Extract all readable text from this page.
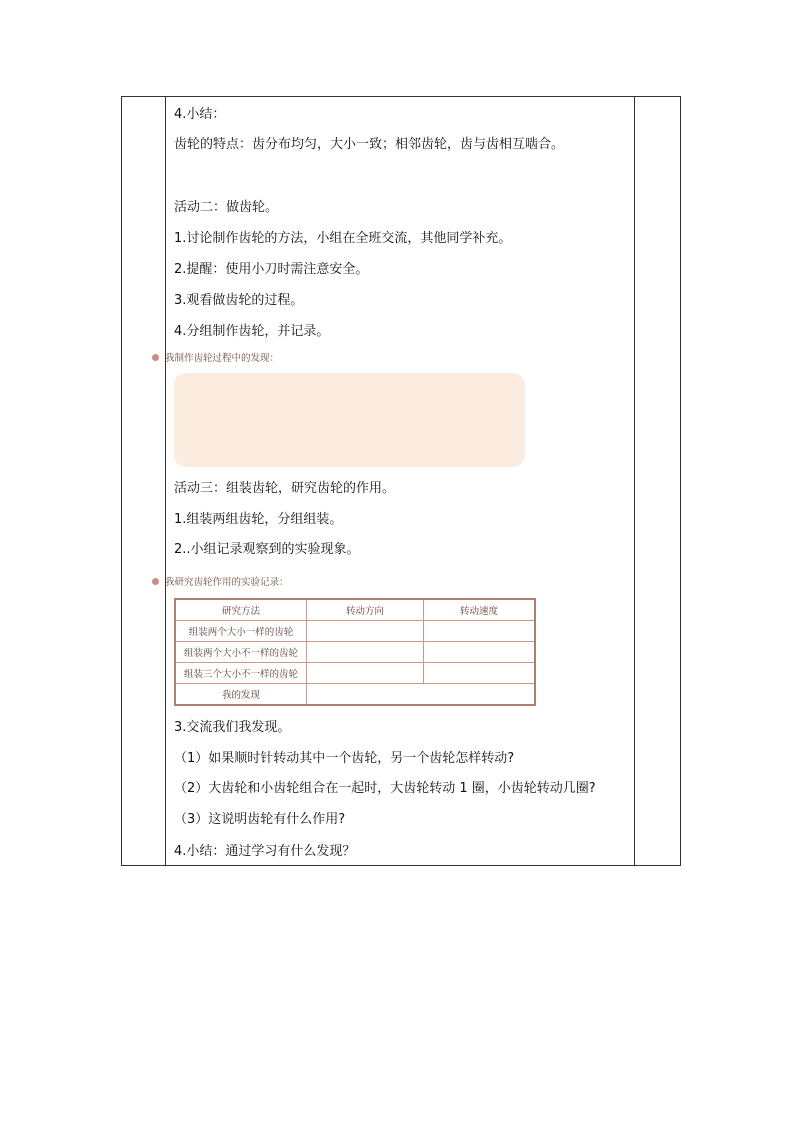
4.小结：
齿轮的特点：齿分布均匀，大小一致；相邻齿轮，齿与齿相互啮合。
活动二：做齿轮。
1.讨论制作齿轮的方法，小组在全班交流，其他同学补充。
2.提醒：使用小刀时需注意安全。
3.观看做齿轮的过程。
4.分组制作齿轮，并记录。
我制作齿轮过程中的发现：
活动三：组装齿轮，研究齿轮的作用。
1.组装两组齿轮，分组组装。
2..小组记录观察到的实验现象。
我研究齿轮作用的实验记录：
研究方法	转动方向	转动速度
组装两个大小一样的齿轮		
组装两个大小不一样的齿轮		
组装三个大小不一样的齿轮		
我的发现		
3.交流我们我发现。
（1）如果顺时针转动其中一个齿轮，另一个齿轮怎样转动?
（2）大齿轮和小齿轮组合在一起时，大齿轮转动 1 圈，小齿轮转动几圈?
（3）这说明齿轮有什么作用?
4.小结：通过学习有什么发现？
